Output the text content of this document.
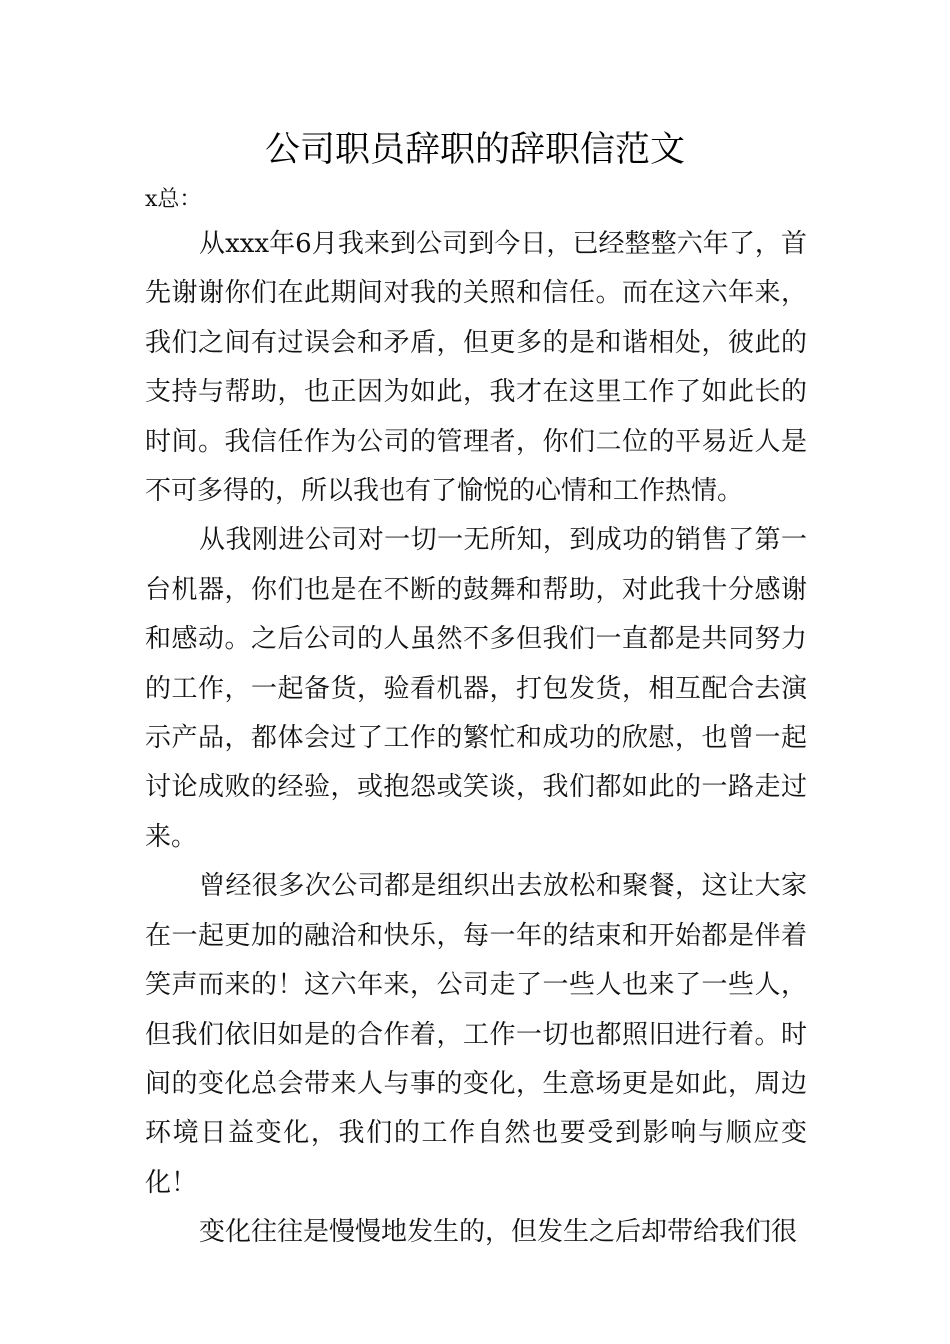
公司职员辞职的辞职信范文

x总：

从xxx年6月我来到公司到今日，已经整整六年了，首先谢谢你们在此期间对我的关照和信任。而在这六年来，我们之间有过误会和矛盾，但更多的是和谐相处，彼此的支持与帮助，也正因为如此，我才在这里工作了如此长的时间。我信任作为公司的管理者，你们二位的平易近人是不可多得的，所以我也有了愉悦的心情和工作热情。

从我刚进公司对一切一无所知，到成功的销售了第一台机器，你们也是在不断的鼓舞和帮助，对此我十分感谢和感动。之后公司的人虽然不多但我们一直都是共同努力的工作，一起备货，验看机器，打包发货，相互配合去演示产品，都体会过了工作的繁忙和成功的欣慰，也曾一起讨论成败的经验，或抱怨或笑谈，我们都如此的一路走过来。

曾经很多次公司都是组织出去放松和聚餐，这让大家在一起更加的融洽和快乐，每一年的结束和开始都是伴着笑声而来的！这六年来，公司走了一些人也来了一些人，但我们依旧如是的合作着，工作一切也都照旧进行着。时间的变化总会带来人与事的变化，生意场更是如此，周边环境日益变化，我们的工作自然也要受到影响与顺应变化！

变化往往是慢慢地发生的，但发生之后却带给我们很
